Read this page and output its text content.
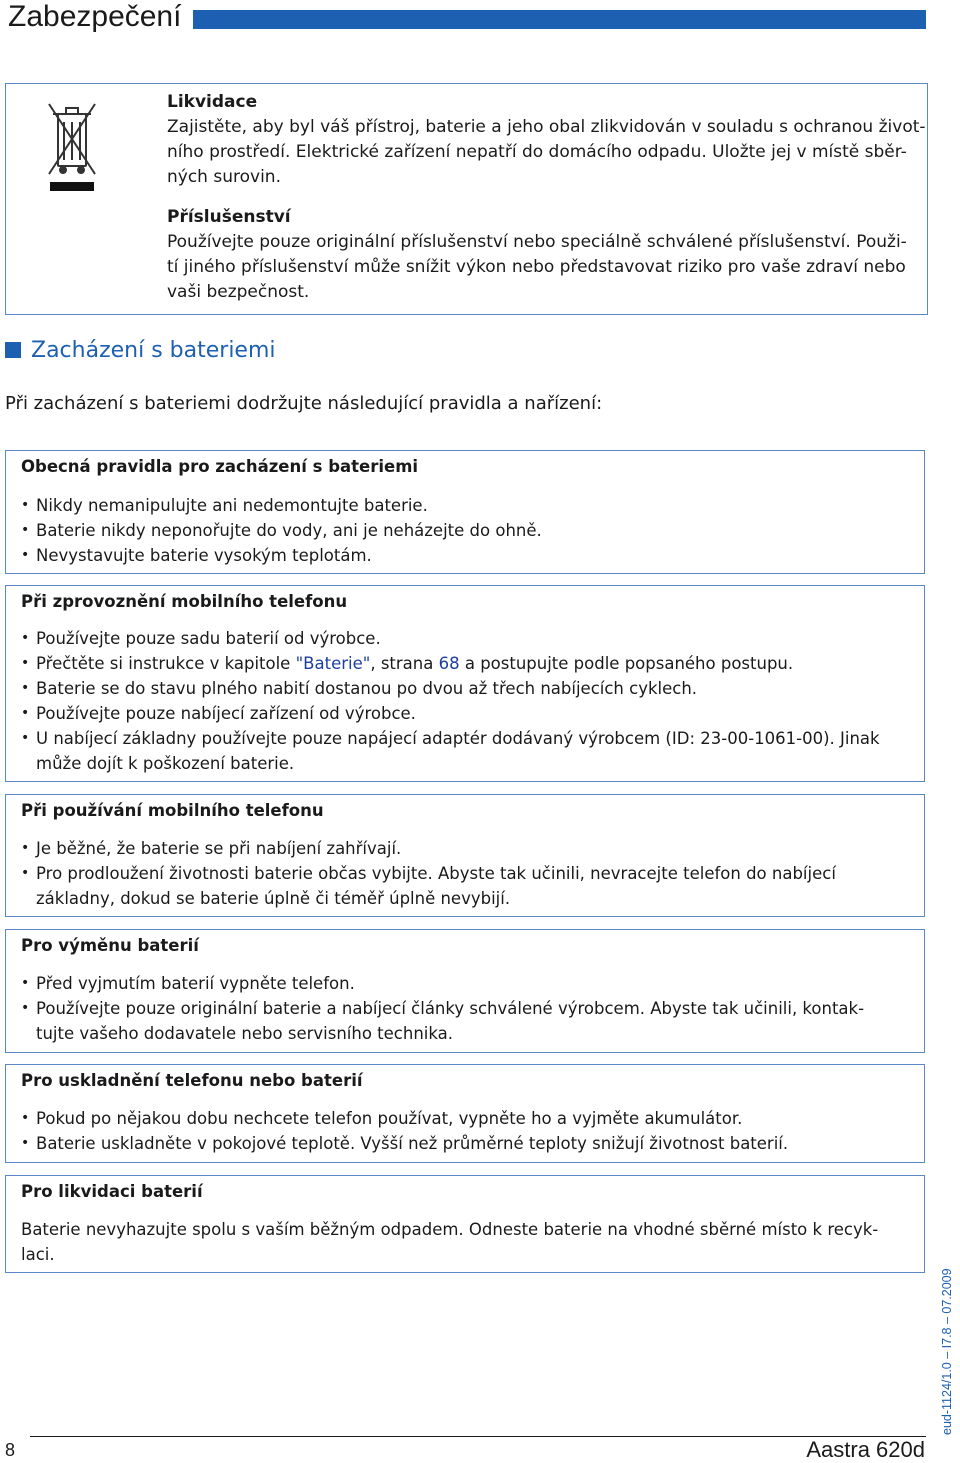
Zabezpečení
Likvidace
Zajistěte, aby byl váš přístroj, baterie a jeho obal zlikvidován v souladu s ochranou život-
ního prostředí. Elektrické zařízení nepatří do domácího odpadu. Uložte jej v místě sběr-
ných surovin.
Příslušenství
Používejte pouze originální příslušenství nebo speciálně schválené příslušenství. Použi-
tí jiného příslušenství může snížit výkon nebo představovat riziko pro vaše zdraví nebo
vaši bezpečnost.
Zacházení s bateriemi
Při zacházení s bateriemi dodržujte následující pravidla a nařízení:
Obecná pravidla pro zacházení s bateriemi
• Nikdy nemanipulujte ani nedemontujte baterie.
• Baterie nikdy neponořujte do vody, ani je neházejte do ohně.
• Nevystavujte baterie vysokým teplotám.
Při zprovoznění mobilního telefonu
• Používejte pouze sadu baterií od výrobce.
• Přečtěte si instrukce v kapitole "Baterie", strana 68 a postupujte podle popsaného postupu.
• Baterie se do stavu plného nabití dostanou po dvou až třech nabíjecích cyklech.
• Používejte pouze nabíjecí zařízení od výrobce.
• U nabíjecí základny používejte pouze napájecí adaptér dodávaný výrobcem (ID: 23-00-1061-00). Jinak
může dojít k poškození baterie.
Při používání mobilního telefonu
• Je běžné, že baterie se při nabíjení zahřívají.
• Pro prodloužení životnosti baterie občas vybijte. Abyste tak učinili, nevracejte telefon do nabíjecí
základny, dokud se baterie úplně či téměř úplně nevybijí.
Pro výměnu baterií
• Před vyjmutím baterií vypněte telefon.
• Používejte pouze originální baterie a nabíjecí články schválené výrobcem. Abyste tak učinili, kontak-
tujte vašeho dodavatele nebo servisního technika.
Pro uskladnění telefonu nebo baterií
• Pokud po nějakou dobu nechcete telefon používat, vypněte ho a vyjměte akumulátor.
• Baterie uskladněte v pokojové teplotě. Vyšší než průměrné teploty snižují životnost baterií.
Pro likvidaci baterií
Baterie nevyhazujte spolu s vaším běžným odpadem. Odneste baterie na vhodné sběrné místo k recyk-
laci.
eud-1124/1.0 – I7.8 – 07.2009
8	Aastra 620d
